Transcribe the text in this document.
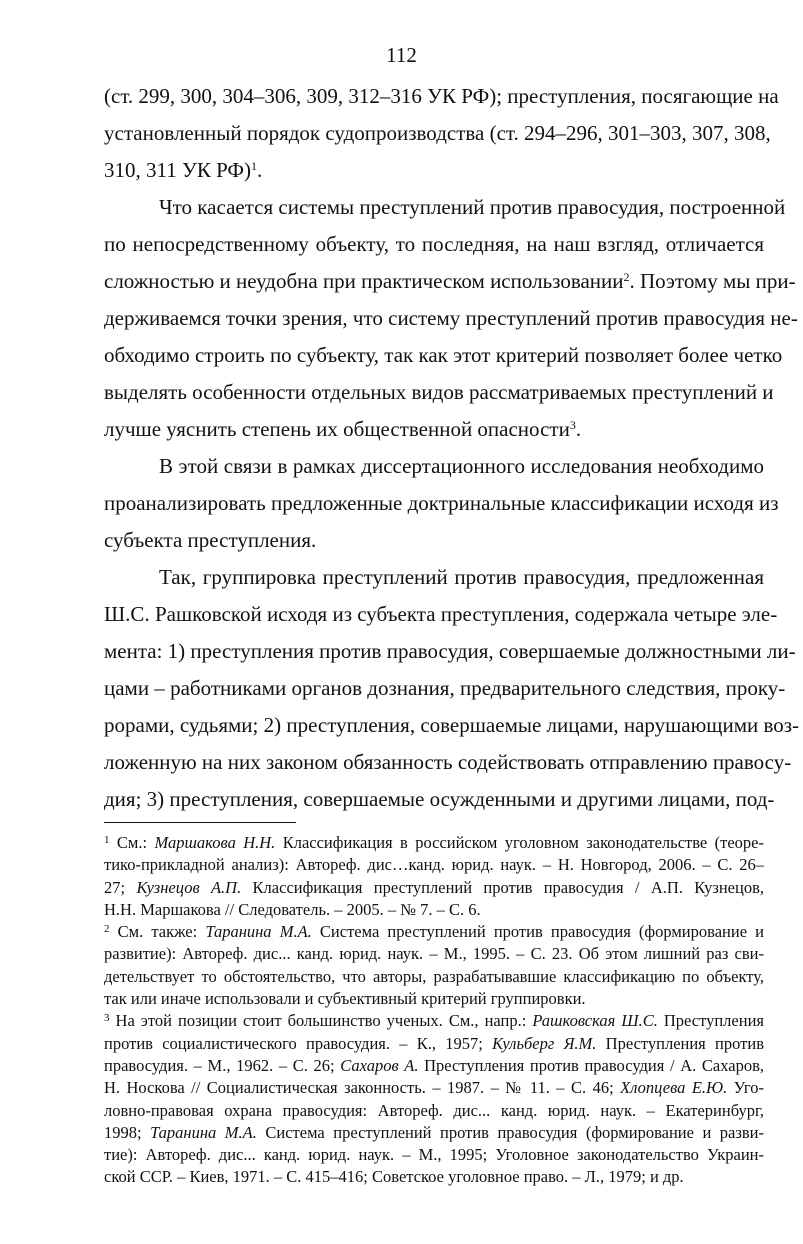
112
(ст. 299, 300, 304–306, 309, 312–316 УК РФ); преступления, посягающие на
установленный порядок судопроизводства (ст. 294–296, 301–303, 307, 308,
310, 311 УК РФ)$^1$.
Что касается системы преступлений против правосудия, построенной
по непосредственному объекту, то последняя, на наш взгляд, отличается
сложностью и неудобна при практическом использовании$^2$. Поэтому мы при-
держиваемся точки зрения, что систему преступлений против правосудия не-
обходимо строить по субъекту, так как этот критерий позволяет более четко
выделять особенности отдельных видов рассматриваемых преступлений и
лучше уяснить степень их общественной опасности$^3$.
В этой связи в рамках диссертационного исследования необходимо
проанализировать предложенные доктринальные классификации исходя из
субъекта преступления.
Так, группировка преступлений против правосудия, предложенная
Ш.С. Рашковской исходя из субъекта преступления, содержала четыре эле-
мента: 1) преступления против правосудия, совершаемые должностными ли-
цами – работниками органов дознания, предварительного следствия, проку-
рорами, судьями; 2) преступления, совершаемые лицами, нарушающими воз-
ложенную на них законом обязанность содействовать отправлению правосу-
дия; 3) преступления, совершаемые осужденными и другими лицами, под-
$^1$ См.: Маршакова Н.Н. Классификация в российском уголовном законодательстве (теоре-
тико-прикладной анализ): Автореф. дис…канд. юрид. наук. – Н. Новгород, 2006. – С. 26–
27; Кузнецов А.П. Классификация преступлений против правосудия / А.П. Кузнецов,
Н.Н. Маршакова // Следователь. – 2005. – № 7. – С. 6.
$^2$ См. также: Таранина М.А. Система преступлений против правосудия (формирование и
развитие): Автореф. дис... канд. юрид. наук. – М., 1995. – С. 23. Об этом лишний раз сви-
детельствует то обстоятельство, что авторы, разрабатывавшие классификацию по объекту,
так или иначе использовали и субъективный критерий группировки.
$^3$ На этой позиции стоит большинство ученых. См., напр.: Рашковская Ш.С. Преступления
против социалистического правосудия. – К., 1957; Кульберг Я.М. Преступления против
правосудия. – М., 1962. – С. 26; Сахаров А. Преступления против правосудия / А. Сахаров,
Н. Носкова // Социалистическая законность. – 1987. – № 11. – С. 46; Хлопцева Е.Ю. Уго-
ловно-правовая охрана правосудия: Автореф. дис... канд. юрид. наук. – Екатеринбург,
1998; Таранина М.А. Система преступлений против правосудия (формирование и разви-
тие): Автореф. дис... канд. юрид. наук. – М., 1995; Уголовное законодательство Украин-
ской ССР. – Киев, 1971. – С. 415–416; Советское уголовное право. – Л., 1979; и др.
